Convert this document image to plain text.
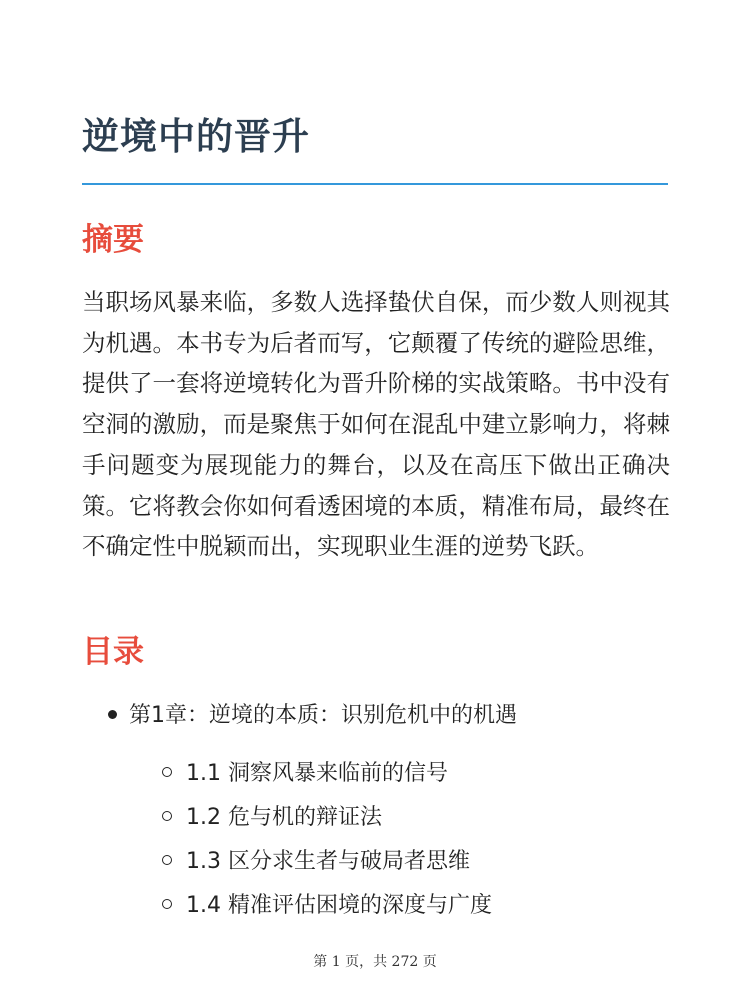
逆境中的晋升
摘要

当职场风暴来临，多数人选择蛰伏自保，而少数人则视其为机遇。本书专为后者而写，它颠覆了传统的避险思维，提供了一套将逆境转化为晋升阶梯的实战策略。书中没有空洞的激励，而是聚焦于如何在混乱中建立影响力，将棘手问题变为展现能力的舞台，以及在高压下做出正确决策。它将教会你如何看透困境的本质，精准布局，最终在不确定性中脱颖而出，实现职业生涯的逆势飞跃。

目录
第1章：逆境的本质：识别危机中的机遇
1.1 洞察风暴来临前的信号
1.2 危与机的辩证法
1.3 区分求生者与破局者思维
1.4 精准评估困境的深度与广度
第 1 页，共 272 页
